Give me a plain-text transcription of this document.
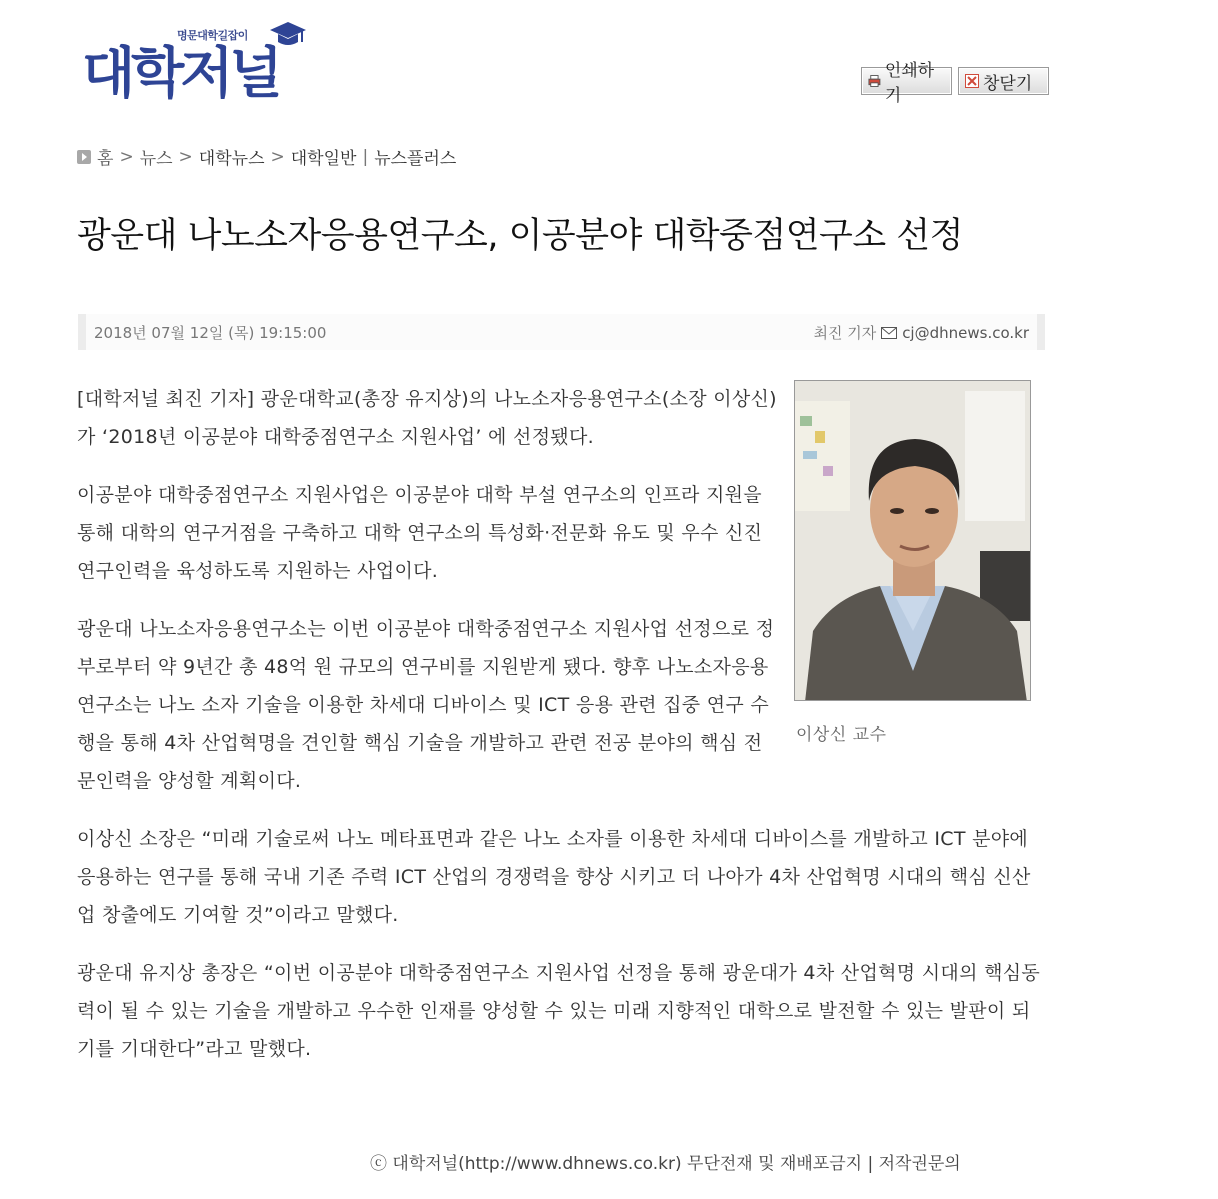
명문대학길잡이
대학저널	인쇄하기
창닫기
홈 > 뉴스 > 대학뉴스 > 대학일반 | 뉴스플러스
광운대 나노소자응용연구소, 이공분야 대학중점연구소 선정
2018년 07월 12일 (목) 19:15:00	최진 기자 cj@dhnews.co.kr
이상신 교수

[대학저널 최진 기자] 광운대학교(총장 유지상)의 나노소자응용연구소(소장 이상신)가 ‘2018년 이공분야 대학중점연구소 지원사업’ 에 선정됐다.

이공분야 대학중점연구소 지원사업은 이공분야 대학 부설 연구소의 인프라 지원을 통해 대학의 연구거점을 구축하고 대학 연구소의 특성화·전문화 유도 및 우수 신진 연구인력을 육성하도록 지원하는 사업이다.

광운대 나노소자응용연구소는 이번 이공분야 대학중점연구소 지원사업 선정으로 정부로부터 약 9년간 총 48억 원 규모의 연구비를 지원받게 됐다. 향후 나노소자응용연구소는 나노 소자 기술을 이용한 차세대 디바이스 및 ICT 응용 관련 집중 연구 수행을 통해 4차 산업혁명을 견인할 핵심 기술을 개발하고 관련 전공 분야의 핵심 전문인력을 양성할 계획이다.

이상신 소장은 “미래 기술로써 나노 메타표면과 같은 나노 소자를 이용한 차세대 디바이스를 개발하고 ICT 분야에 응용하는 연구를 통해 국내 기존 주력 ICT 산업의 경쟁력을 향상 시키고 더 나아가 4차 산업혁명 시대의 핵심 신산업 창출에도 기여할 것”이라고 말했다.

광운대 유지상 총장은 “이번 이공분야 대학중점연구소 지원사업 선정을 통해 광운대가 4차 산업혁명 시대의 핵심동력이 될 수 있는 기술을 개발하고 우수한 인재를 양성할 수 있는 미래 지향적인 대학으로 발전할 수 있는 발판이 되기를 기대한다”라고 말했다.

ⓒ 대학저널(http://www.dhnews.co.kr) 무단전재 및 재배포금지 | 저작권문의
